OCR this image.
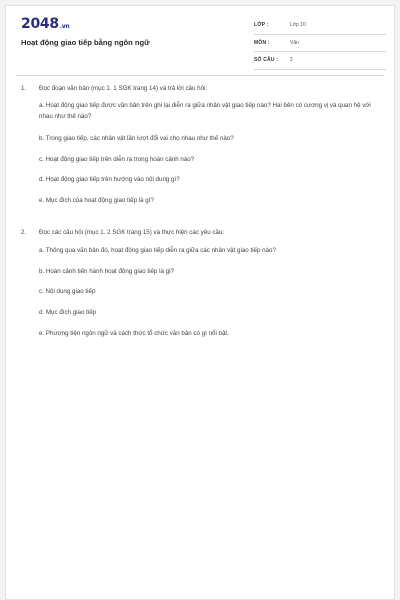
2048.vn
Hoạt động giao tiếp bằng ngôn ngữ
LỚP :	Lớp 10
MÔN :	Văn
SỐ CÂU : 2
1. Đọc đoạn văn bản (mục 1. 1 SGK trang 14) và trả lời câu hỏi:
a. Hoạt động giao tiếp được văn bản trên ghi lại diễn ra giữa nhân vật giao tiếp nào? Hai bên có cương vị và quan hệ với nhau như thế nào?
b. Trong giao tiếp, các nhân vật lần lượt đổi vai cho nhau như thế nào?
c. Hoạt động giao tiếp trên diễn ra trong hoàn cảnh nào?
d. Hoạt động giao tiếp trên hướng vào nội dung gì?
e. Mục đích của hoạt động giao tiếp là gì?
2. Đọc các câu hỏi (mục 1. 2 SGK trang 15) và thực hiện các yêu cầu:
a. Thông qua văn bản đó, hoạt động giao tiếp diễn ra giữa các nhân vật giao tiếp nào?
b. Hoàn cảnh tiến hành hoạt động giao tiếp là gì?
c. Nội dung giao tiếp
d. Mục đích giao tiếp
e. Phương tiện ngôn ngữ và cách thức tổ chức văn bản có gì nổi bật.
